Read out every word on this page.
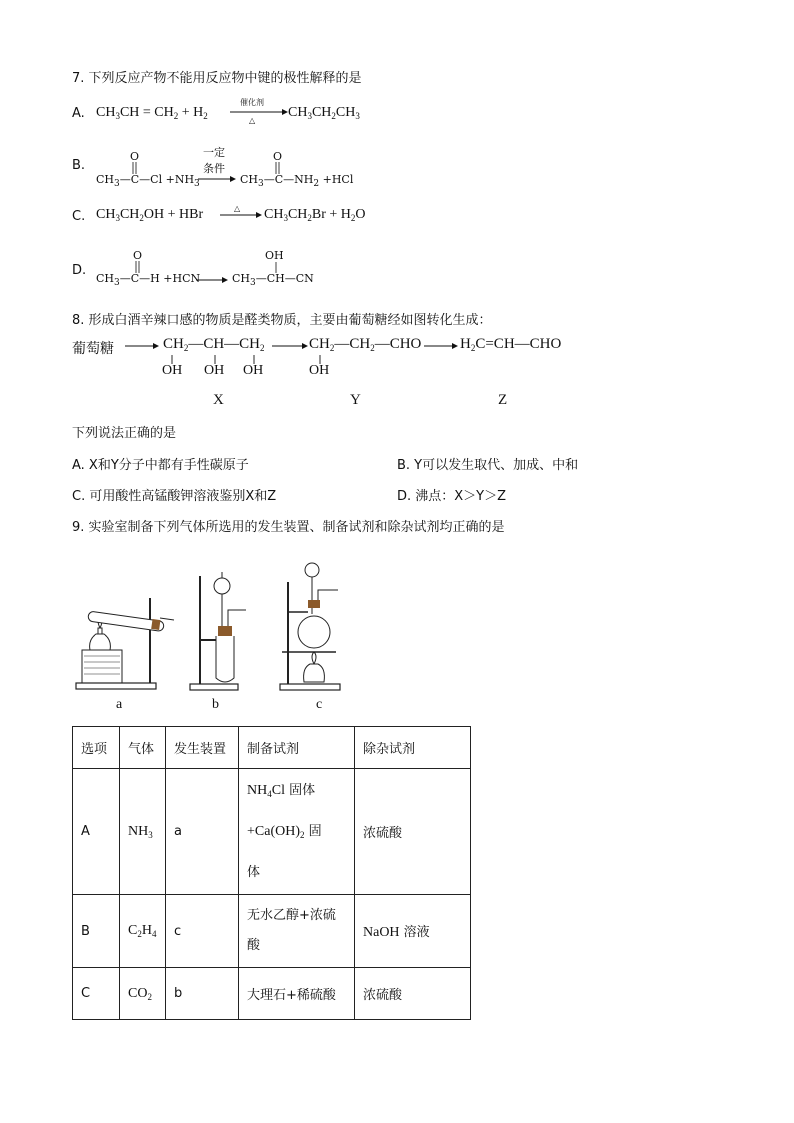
7. 下列反应产物不能用反应物中键的极性解释的是
A. $CH_3CH = CH_2 + H_2$
催化剂
△
$CH_3CH_2CH_3$
B.
O
$CH_3—C—Cl +NH_3$
一定
条件
O
$CH_3—C—NH_2 +HCl$
C. $CH_3CH_2OH$ + HBr	△ $CH_3CH_2Br + H_2O$
D.
O
$CH_3—C—H +HCN$
OH
$CH_3—CH—CN$
8. 形成白酒辛辣口感的物质是醛类物质，主要由葡萄糖经如图转化生成：
葡萄糖	$CH_2—CH—CH_2$
OH OH OH
$CH_2—CH_2—CHO$
OH
$H_2C=CH—CHO$
X	Y	Z
下列说法正确的是
A. X和Y分子中都有手性碳原子	B. Y可以发生取代、加成、中和
C. 可用酸性高锰酸钾溶液鉴别X和Z	D. 沸点：X＞Y＞Z
9. 实验室制备下列气体所选用的发生装置、制备试剂和除杂试剂均正确的是
a	b	c
选项	气体	发生装置	制备试剂	除杂试剂
A	$NH_3$	a	$NH_4Cl$ 固体
$+Ca(OH)_2$ 固
体	浓硫酸
B	$C_2H_4$	c	无水乙醇+浓硫
酸	NaOH 溶液
C	$CO_2$	b	大理石+稀硫酸	浓硫酸
